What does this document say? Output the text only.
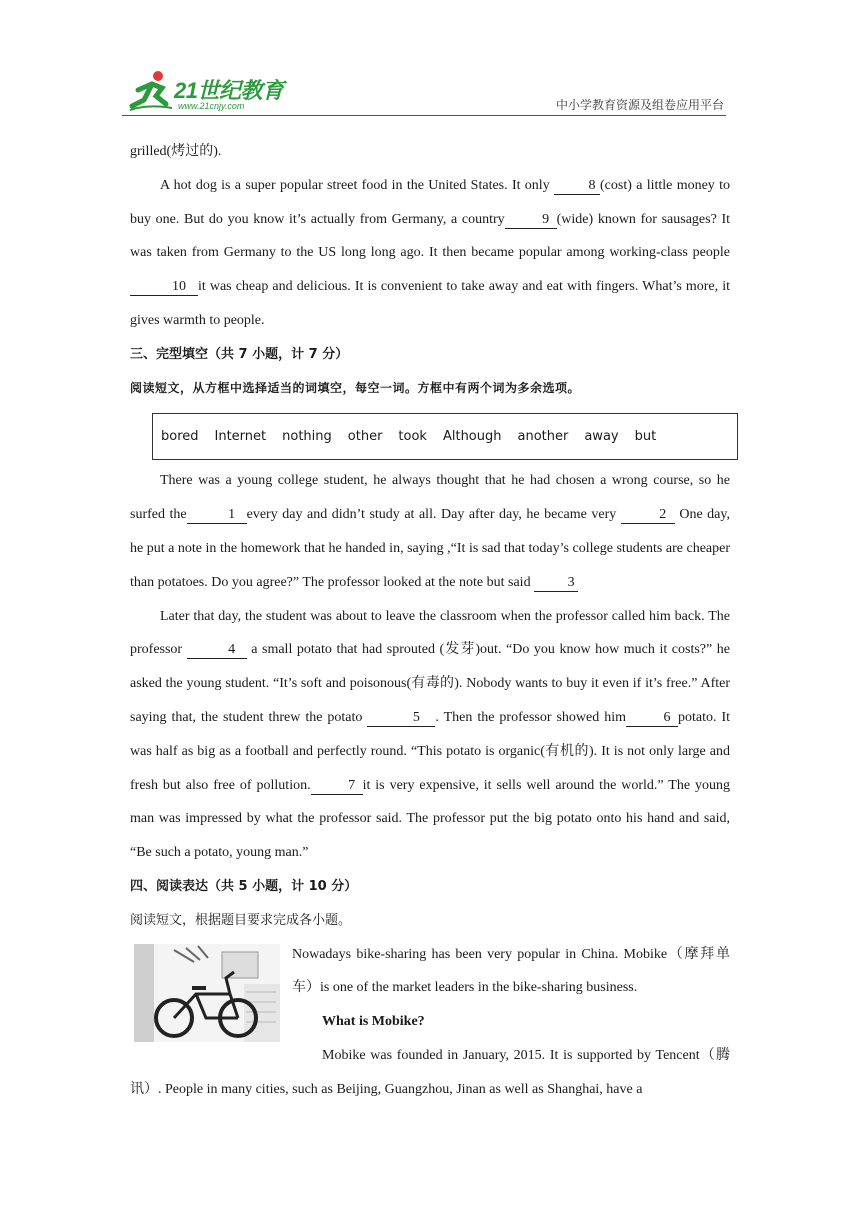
21世纪教育
www.21cnjy.com	中小学教育资源及组卷应用平台

grilled(烤过的).

A hot dog is a super popular street food in the United States. It only 8 (cost) a little money to buy one. But do you know it’s actually from Germany, a country	9 (wide) known for sausages? It was taken from Germany to the US long long ago. It then became popular among working-class people 10 it was cheap and delicious. It is convenient to take away and eat with fingers. What’s more, it gives warmth to people.

三、完型填空（共 7 小题，计 7 分）

阅读短文，从方框中选择适当的词填空，每空一词。方框中有两个词为多余选项。

bored Internet nothing other took Although another away but

There was a young college student, he always thought that he had chosen a wrong course, so he surfed the	1 every day and didn’t study at all. Day after day, he became very	2 One day, he put a note in the homework that he handed in, saying ,“It is sad that today’s college students are cheaper than potatoes. Do you agree?” The professor looked at the note but said 3

Later that day, the student was about to leave the classroom when the professor called him back. The professor	4 a small potato that had sprouted (发芽)out. “Do you know how much it costs?” he asked the young student. “It’s soft and poisonous(有毒的). Nobody wants to buy it even if it’s free.” After saying that, the student threw the potato	5 . Then the professor showed him	6 potato. It was half as big as a football and perfectly round. “This potato is organic(有机的). It is not only large and fresh but also free of pollution.	7 it is very expensive, it sells well around the world.” The young man was impressed by what the professor said. The professor put the big potato onto his hand and said, “Be such a potato, young man.”

四、阅读表达（共 5 小题，计 10 分）

阅读短文，根据题目要求完成各小题。

Nowadays bike-sharing has been very popular in China. Mobike（摩拜单车）is one of the market leaders in the bike-sharing business.

What is Mobike?

Mobike was founded in January, 2015. It is supported by Tencent（腾讯）. People in many cities, such as Beijing, Guangzhou, Jinan as well as Shanghai, have a
